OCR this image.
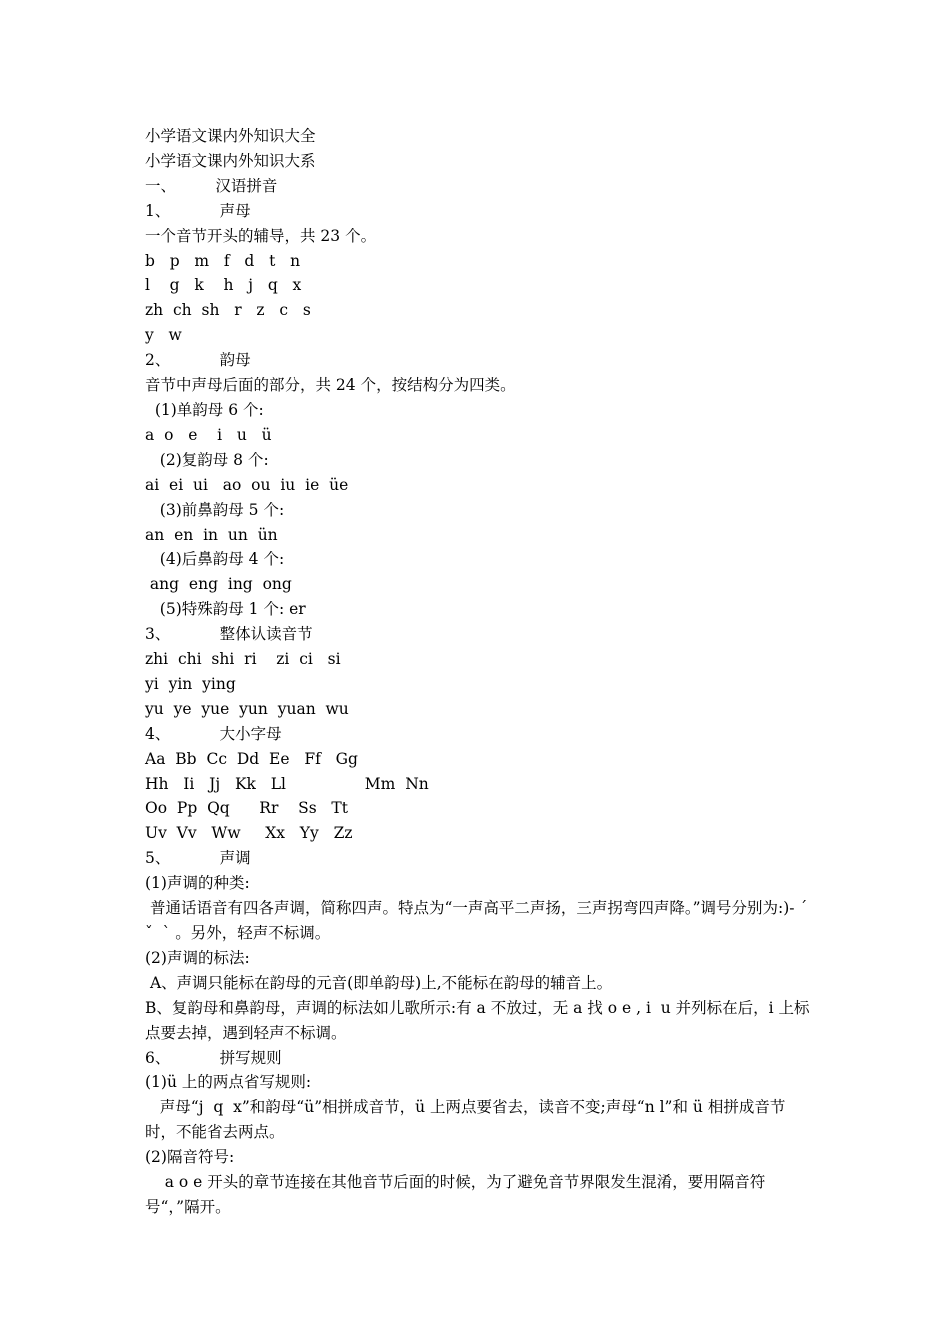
小学语文课内外知识大全
小学语文课内外知识大系
一、        汉语拼音
1、          声母
一个音节开头的辅导，共 23 个。
b   p   m   f   d   t   n
l    g   k    h   j   q   x
zh  ch  sh   r   z   c   s
y   w
2、          韵母
音节中声母后面的部分，共 24 个，按结构分为四类。
(1)单韵母 6 个:
a  o   e    i   u   ü
(2)复韵母 8 个:
ai  ei  ui   ao  ou  iu  ie  üe
(3)前鼻韵母 5 个:
an  en  in  un  ün
(4)后鼻韵母 4 个:
ang  eng  ing  ong
(5)特殊韵母 1 个: er
3、          整体认读音节
zhi  chi  shi  ri    zi  ci   si
yi  yin  ying
yu  ye  yue  yun  yuan  wu
4、          大小字母
Aa  Bb  Cc  Dd  Ee   Ff   Gg
Hh   Ii   Jj   Kk   Ll                Mm  Nn
Oo  Pp  Qq      Rr    Ss   Tt
Uv  Vv   Ww     Xx   Yy   Zz
5、          声调
(1)声调的种类:
普通话语音有四各声调，简称四声。特点为“一声高平二声扬，三声拐弯四声降。”调号分别为:)- ˊ ˇ  ˋ 。另外，轻声不标调。
(2)声调的标法:
A、声调只能标在韵母的元音(即单韵母)上,不能标在韵母的辅音上。
B、复韵母和鼻韵母，声调的标法如儿歌所示:有 a 不放过，无 a 找 o e , i  u 并列标在后，i 上标点要去掉，遇到轻声不标调。
6、          拼写规则
(1)ü 上的两点省写规则:
声母“j  q  x”和韵母“ü”相拼成音节，ü 上两点要省去，读音不变;声母“n l”和 ü 相拼成音节时，不能省去两点。
(2)隔音符号:
a o e 开头的章节连接在其他音节后面的时候，为了避免音节界限发生混淆，要用隔音符号“，”隔开。
